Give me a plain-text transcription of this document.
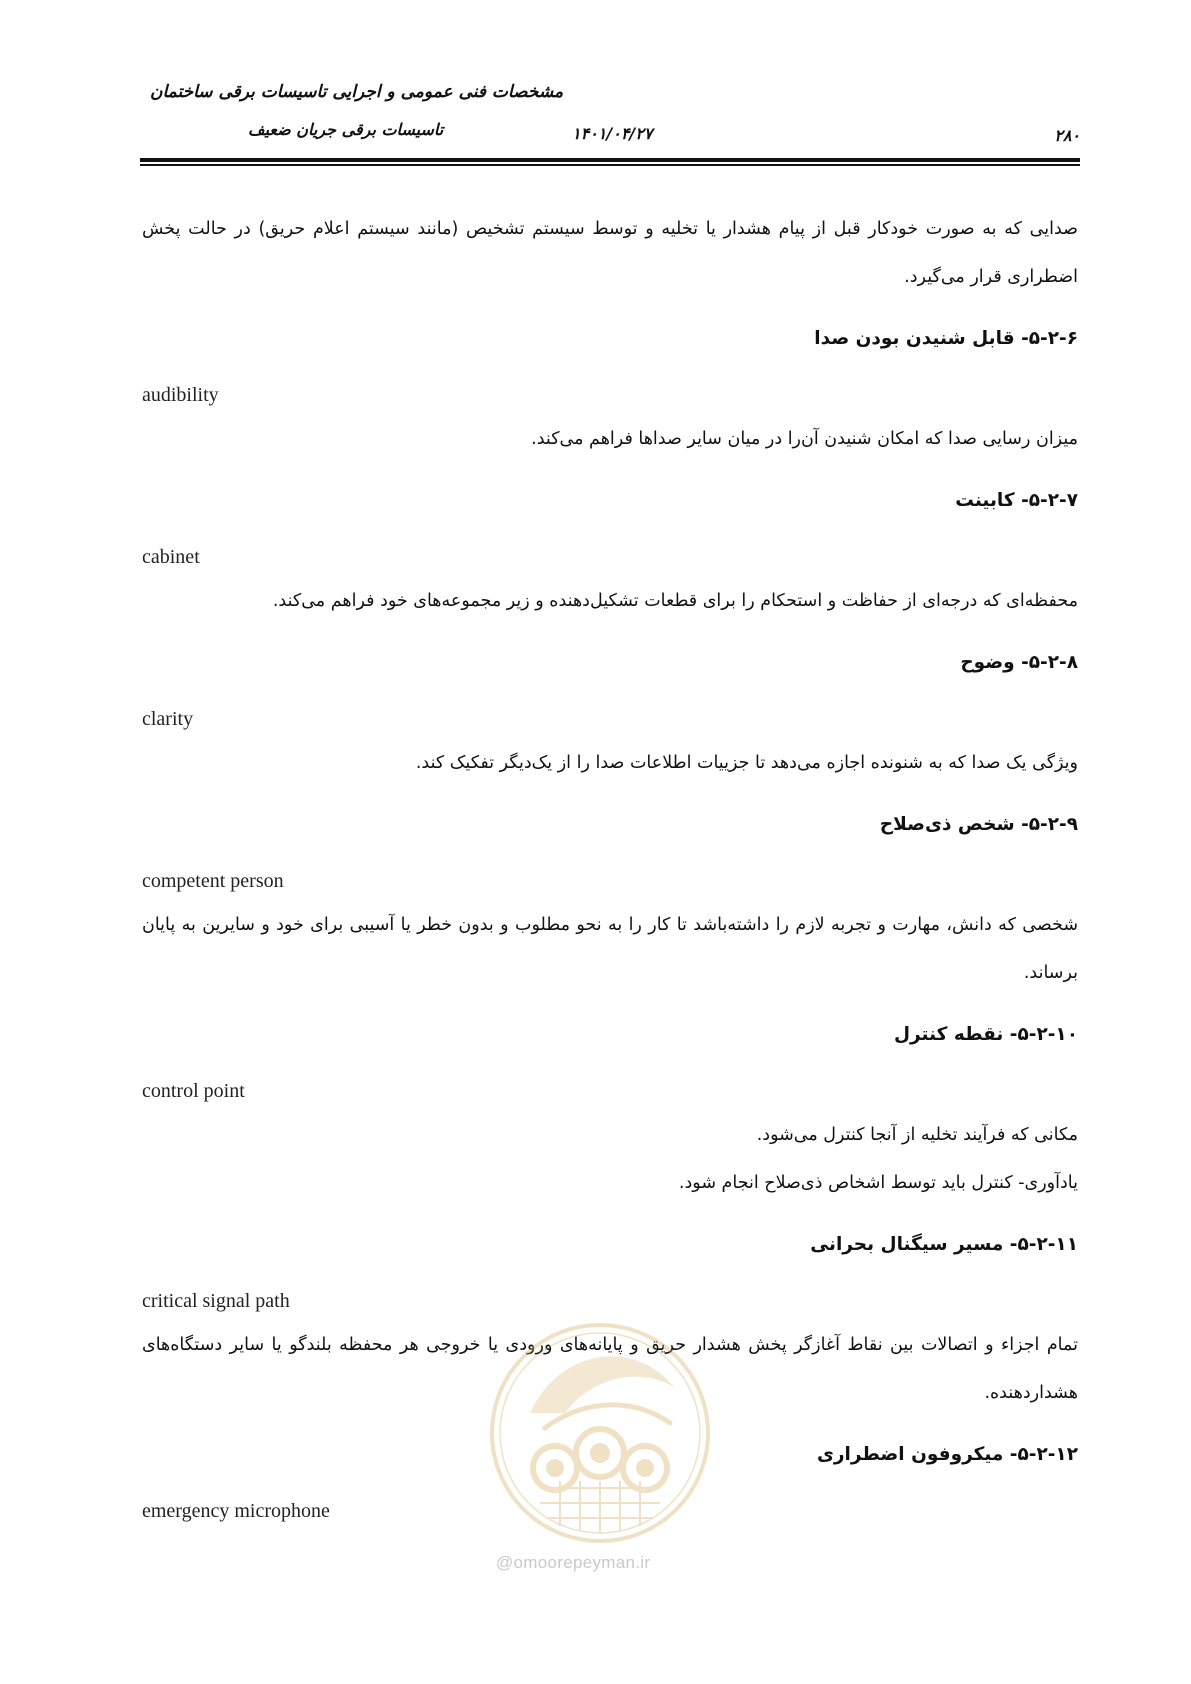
مشخصات فنی عمومی و اجرایی تاسیسات برقی ساختمان
تاسیسات برقی جریان ضعیف	۱۴۰۱/۰۴/۲۷	۲۸۰

صدایی که به صورت خودکار قبل از پیام هشدار یا تخلیه و توسط سیستم تشخیص (مانند سیستم اعلام حریق) در حالت پخش اضطراری قرار می‌گیرد.

۵-۲-۶- قابل شنیدن بودن صدا

audibility

میزان رسایی صدا که امکان شنیدن آن‌را در میان سایر صداها فراهم می‌کند.

۵-۲-۷- کابینت

cabinet

محفظه‌ای که درجه‌ای از حفاظت و استحکام را برای قطعات تشکیل‌دهنده و زیر مجموعه‌های خود فراهم می‌کند.

۵-۲-۸- وضوح

clarity

ویژگی یک صدا که به شنونده اجازه می‌دهد تا جزییات اطلاعات صدا را از یک‌دیگر تفکیک کند.

۵-۲-۹- شخص ذی‌صلاح

competent person

شخصی که دانش، مهارت و تجربه لازم را داشته‌باشد تا کار را به نحو مطلوب و بدون خطر یا آسیبی برای خود و سایرین به پایان برساند.

۵-۲-۱۰- نقطه کنترل

control point

مکانی که فرآیند تخلیه از آنجا کنترل می‌شود.

یادآوری- کنترل باید توسط اشخاص ذی‌صلاح انجام شود.

۵-۲-۱۱- مسیر سیگنال بحرانی

critical signal path

تمام اجزاء و اتصالات بین نقاط آغازگر پخش هشدار حریق و پایانه‌های ورودی یا خروجی هر محفظه بلندگو یا سایر دستگاه‌های هشداردهنده.

۵-۲-۱۲- میکروفون اضطراری

emergency microphone

@omoorepeyman.ir
